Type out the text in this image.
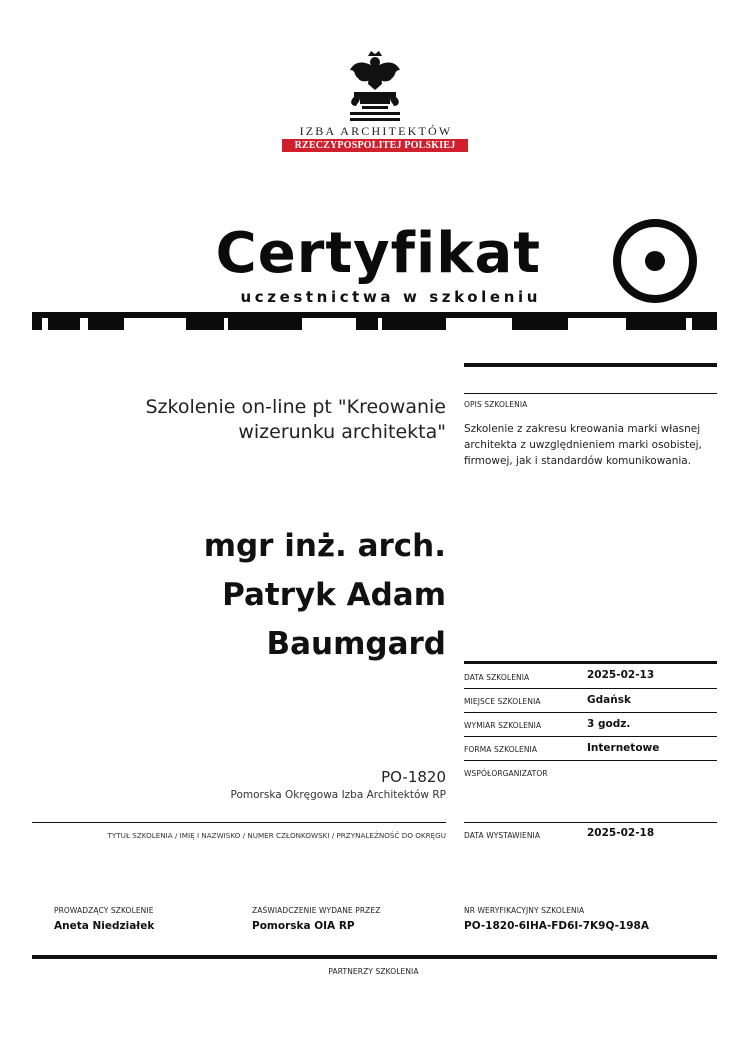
IZBA ARCHITEKTÓW
RZECZYPOSPOLITEJ POLSKIEJ
Certyfikat
uczestnictwa w szkoleniu
OPIS SZKOLENIA
Szkolenie z zakresu kreowania marki własnej architekta z uwzględnieniem marki osobistej, firmowej, jak i standardów komunikowania.
Szkolenie on-line pt "Kreowanie wizerunku architekta"
mgr inż. arch.
Patryk Adam
Baumgard
DATA SZKOLENIA	2025-02-13
MIEJSCE SZKOLENIA	Gdańsk
WYMIAR SZKOLENIA	3 godz.
FORMA SZKOLENIA	Internetowe
WSPÓŁORGANIZATOR
PO-1820
Pomorska Okręgowa Izba Architektów RP
TYTUŁ SZKOLENIA / IMIĘ I NAZWISKO / NUMER CZŁONKOWSKI / PRZYNALEŻNOŚĆ DO OKRĘGU DATA WYSTAWIENIA	2025-02-18
PROWADZĄCY SZKOLENIE
Aneta Niedziałek
ZAŚWIADCZENIE WYDANE PRZEZ
Pomorska OIA RP
NR WERYFIKACYJNY SZKOLENIA
PO-1820-6IHA-FD6I-7K9Q-198A
PARTNERZY SZKOLENIA
